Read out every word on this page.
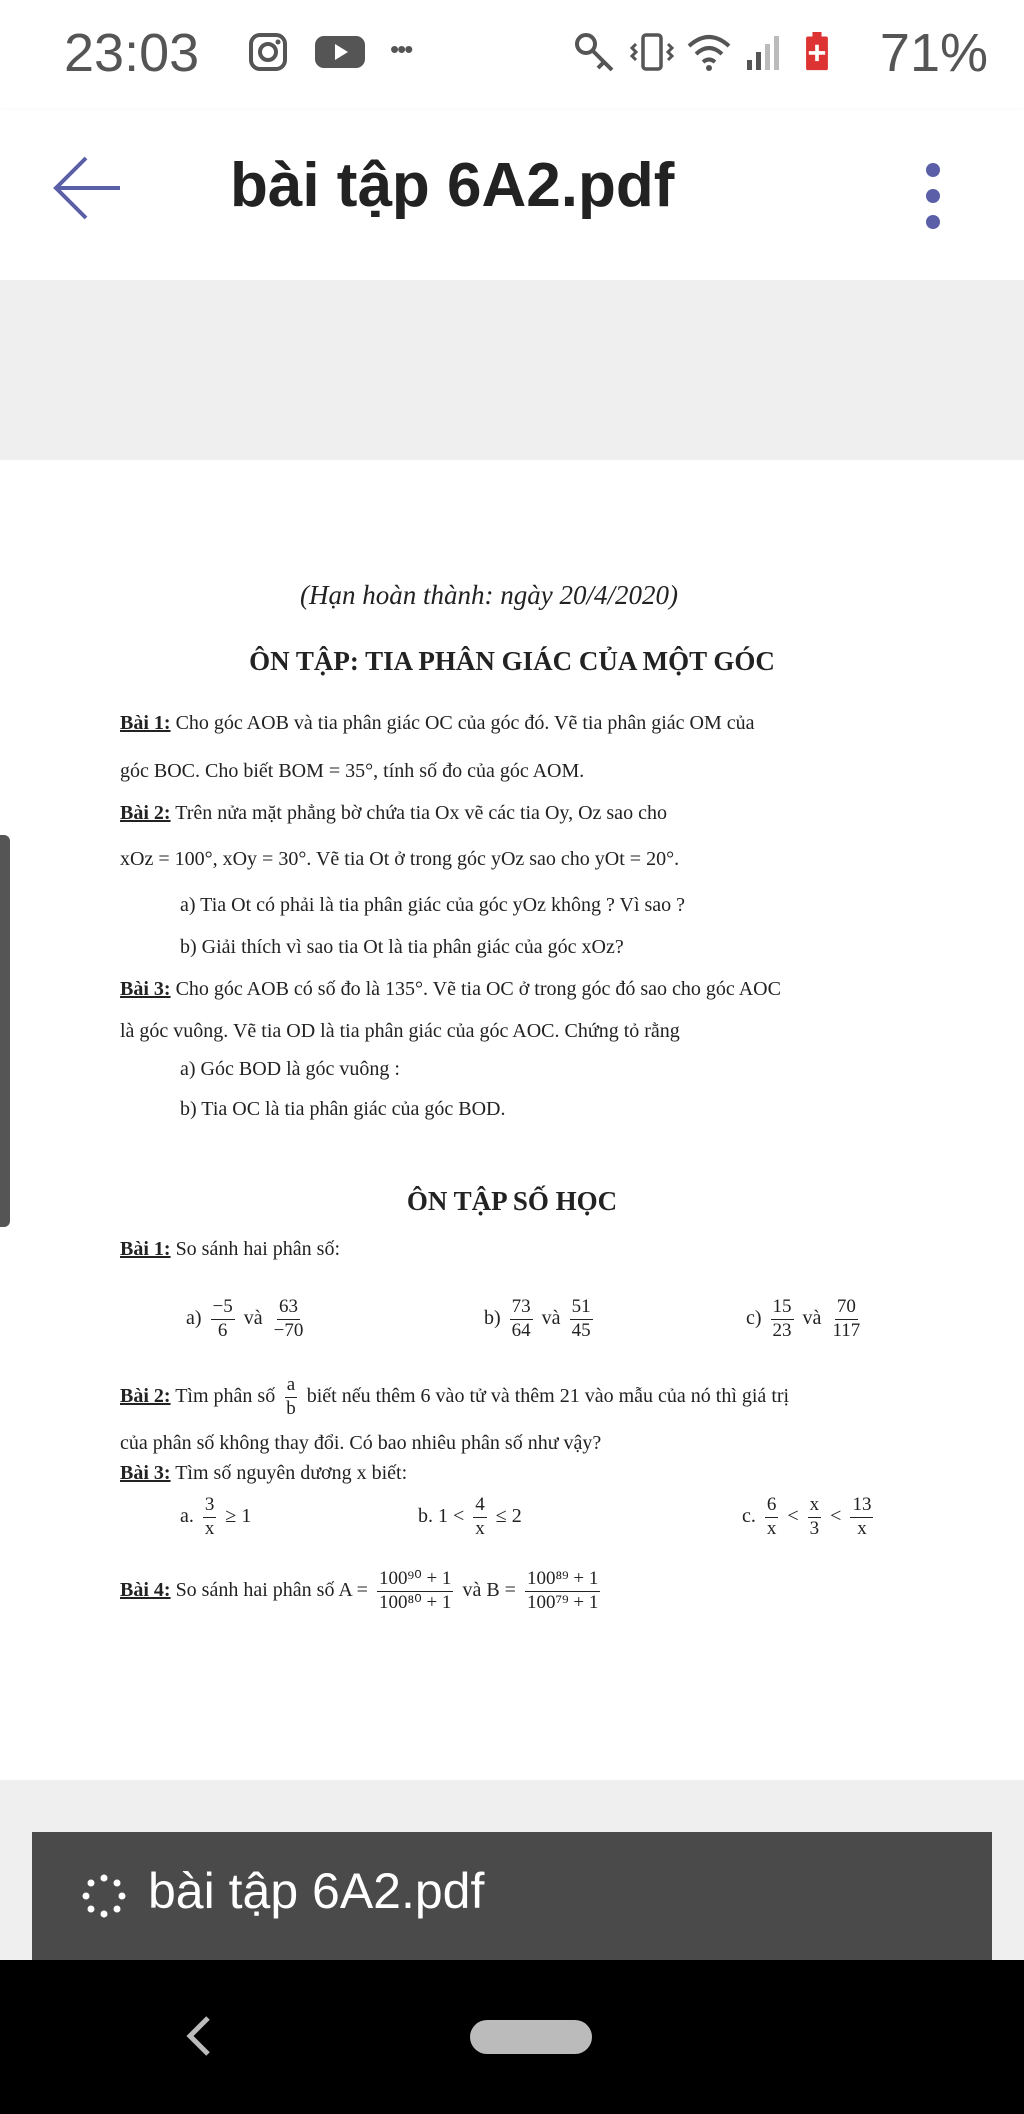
23:03	•••	71%
bài tập 6A2.pdf
(Hạn hoàn thành: ngày 20/4/2020)
ÔN TẬP: TIA PHÂN GIÁC CỦA MỘT GÓC
Bài 1: Cho góc AOB và tia phân giác OC của góc đó. Vẽ tia phân giác OM của
góc BOC. Cho biết BOM = 35°, tính số đo của góc AOM.
Bài 2: Trên nửa mặt phẳng bờ chứa tia Ox vẽ các tia Oy, Oz sao cho
xOz = 100°, xOy = 30°. Vẽ tia Ot ở trong góc yOz sao cho yOt = 20°.
a) Tia Ot có phải là tia phân giác của góc yOz không ? Vì sao ?
b) Giải thích vì sao tia Ot là tia phân giác của góc xOz?
Bài 3: Cho góc AOB có số đo là 135°. Vẽ tia OC ở trong góc đó sao cho góc AOC
là góc vuông. Vẽ tia OD là tia phân giác của góc AOC. Chứng tỏ rằng
a) Góc BOD là góc vuông :
b) Tia OC là tia phân giác của góc BOD.
ÔN TẬP SỐ HỌC
Bài 1: So sánh hai phân số:
$a) \frac{-5}{6}$ và $\frac{63}{-70}$	$b) \frac{73}{64}$ và $\frac{51}{45}$	$c) \frac{15}{23}$ và $\frac{70}{117}$
Bài 2: Tìm phân số $\frac{a}{b}$ biết nếu thêm 6 vào tử và thêm 21 vào mẫu của nó thì giá trị
của phân số không thay đổi. Có bao nhiêu phân số như vậy?
Bài 3: Tìm số nguyên dương x biết:
a. $\frac{3}{x} \ge 1$	b. $1 < \frac{4}{x} \le 2$	c. $\frac{6}{x} < \frac{x}{3} < \frac{13}{x}$
Bài 4: So sánh hai phân số $A = \frac{\text{100⁹⁰ + 1}}{\text{100⁸⁰ + 1}}$ và $B = \frac{\text{100⁸⁹ + 1}}{\text{100⁷⁹ + 1}}$
bài tập 6A2.pdf
